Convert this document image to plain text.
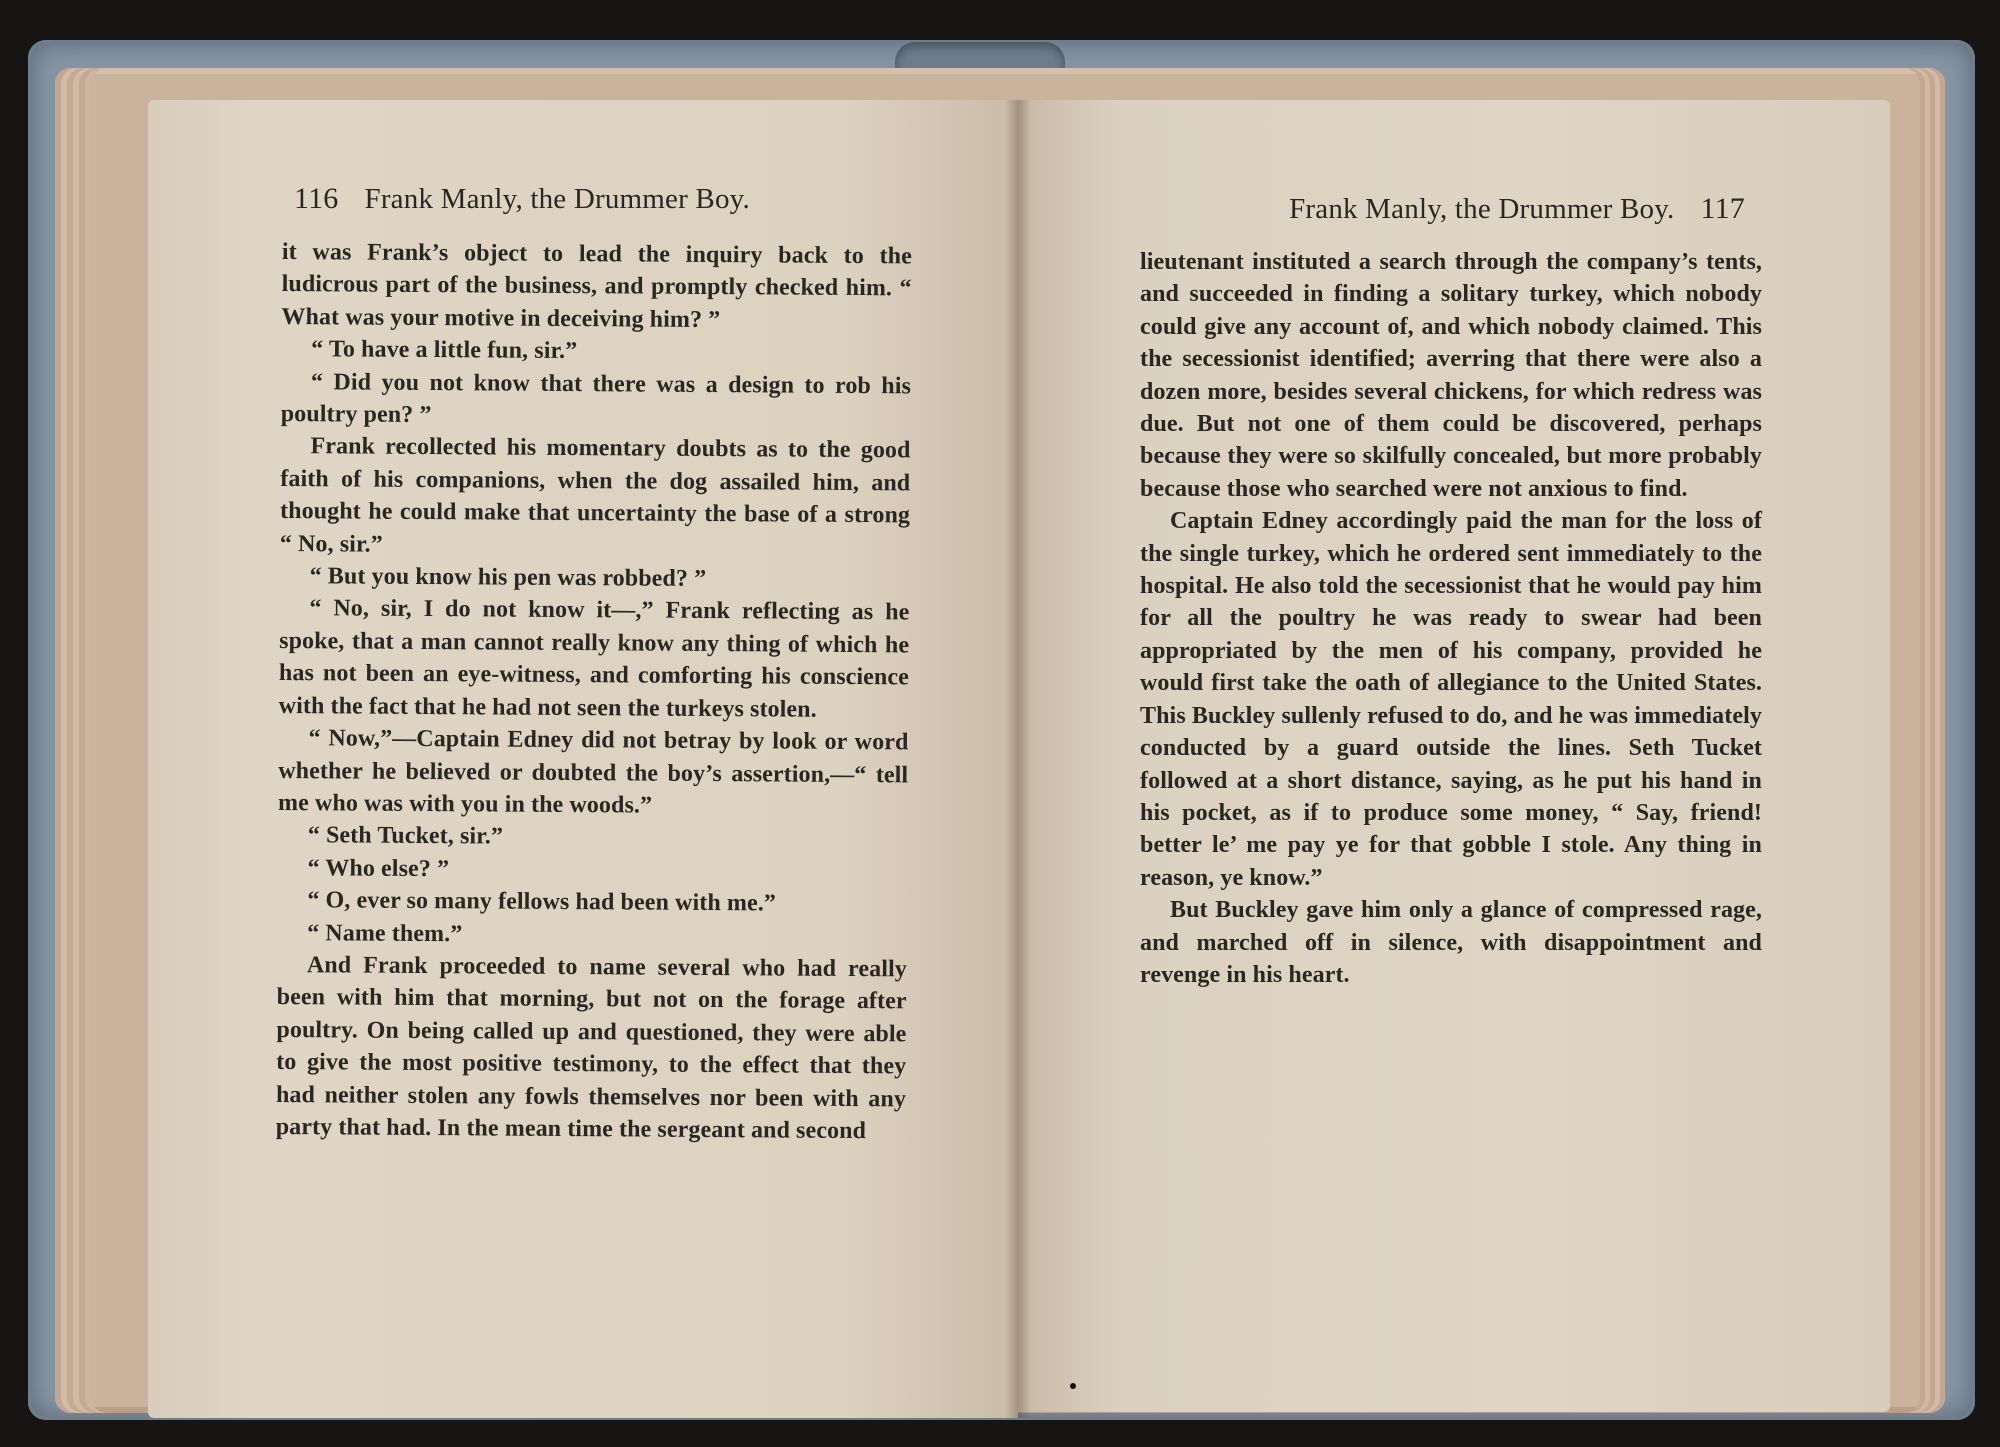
116 Frank Manly, the Drummer Boy.

it was Frank’s object to lead the inquiry back to the ludicrous part of the business, and promptly checked him. “ What was your motive in deceiving him? ”

“ To have a little fun, sir.”

“ Did you not know that there was a design to rob his poultry pen? ”

Frank recollected his momentary doubts as to the good faith of his companions, when the dog assailed him, and thought he could make that uncertainty the base of a strong “ No, sir.”

“ But you know his pen was robbed? ”

“ No, sir, I do not know it—,” Frank reflecting as he spoke, that a man cannot really know any thing of which he has not been an eye-witness, and comforting his conscience with the fact that he had not seen the turkeys stolen.

“ Now,”—Captain Edney did not betray by look or word whether he believed or doubted the boy’s assertion,—“ tell me who was with you in the woods.”

“ Seth Tucket, sir.”

“ Who else? ”

“ O, ever so many fellows had been with me.”

“ Name them.”

And Frank proceeded to name several who had really been with him that morning, but not on the forage after poultry. On being called up and questioned, they were able to give the most positive testimony, to the effect that they had neither stolen any fowls themselves nor been with any party that had. In the mean time the sergeant and second

Frank Manly, the Drummer Boy. 117

lieutenant instituted a search through the company’s tents, and succeeded in finding a solitary turkey, which nobody could give any account of, and which nobody claimed. This the secessionist identified; averring that there were also a dozen more, besides several chickens, for which redress was due. But not one of them could be discovered, perhaps because they were so skilfully concealed, but more probably because those who searched were not anxious to find.

Captain Edney accordingly paid the man for the loss of the single turkey, which he ordered sent immediately to the hospital. He also told the secessionist that he would pay him for all the poultry he was ready to swear had been appropriated by the men of his company, provided he would first take the oath of allegiance to the United States. This Buckley sullenly refused to do, and he was immediately conducted by a guard outside the lines. Seth Tucket followed at a short distance, saying, as he put his hand in his pocket, as if to produce some money, “ Say, friend! better le’ me pay ye for that gobble I stole. Any thing in reason, ye know.”

But Buckley gave him only a glance of compressed rage, and marched off in silence, with disappointment and revenge in his heart.
